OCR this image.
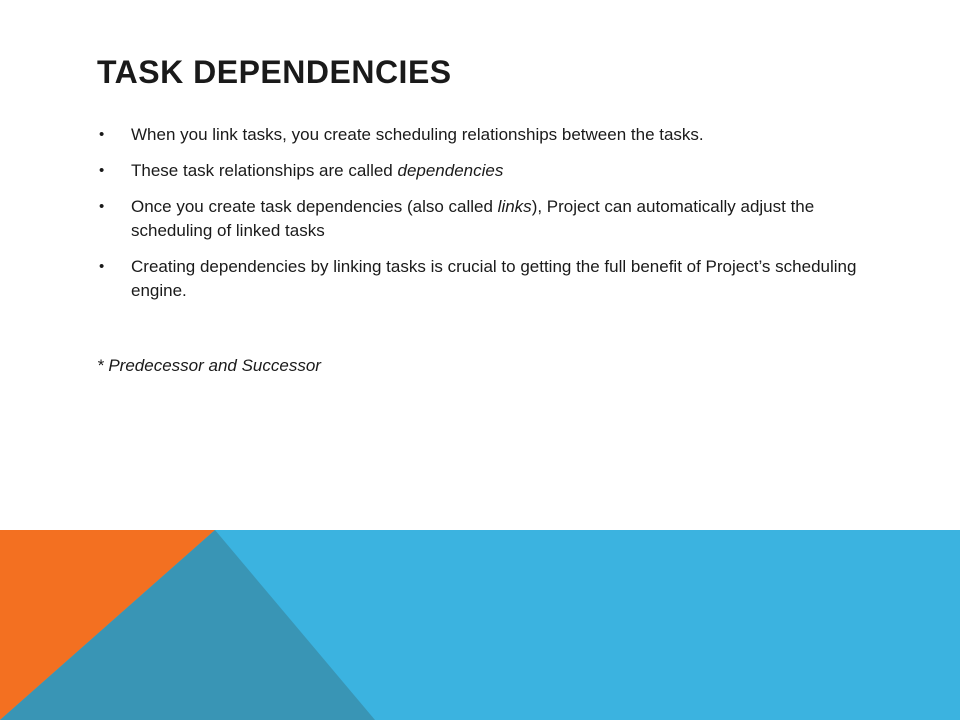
TASK DEPENDENCIES
• When you link tasks, you create scheduling relationships between the tasks.
• These task relationships are called dependencies
• Once you create task dependencies (also called links), Project can automatically adjust the scheduling of linked tasks
• Creating dependencies by linking tasks is crucial to getting the full benefit of Project’s scheduling engine.

* Predecessor and Successor
